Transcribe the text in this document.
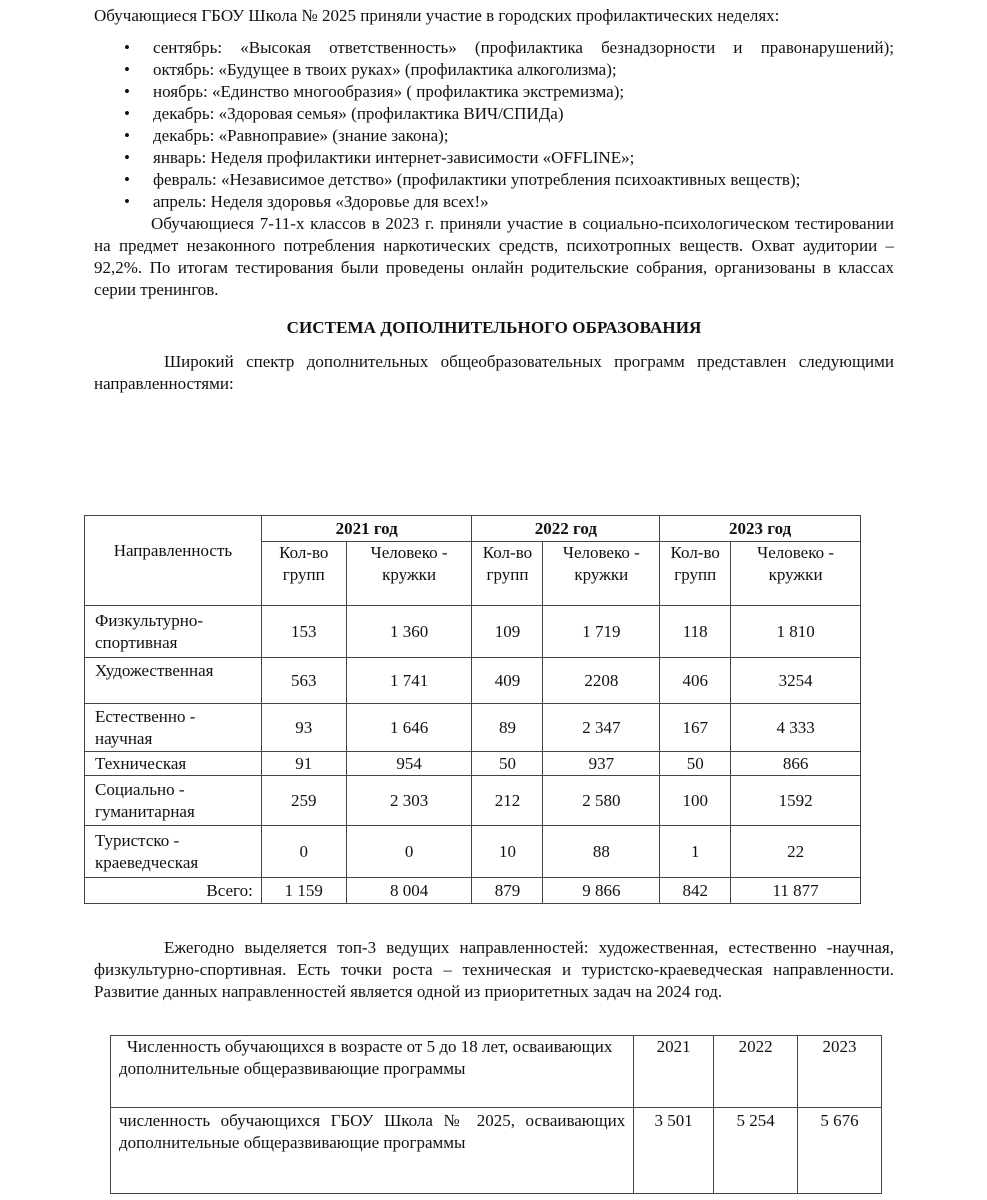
Обучающиеся ГБОУ Школа № 2025 приняли участие в городских профилактических неделях:

• сентябрь: «Высокая ответственность» (профилактика безнадзорности и правонарушений);
• октябрь: «Будущее в твоих руках» (профилактика алкоголизма);
• ноябрь: «Единство многообразия» ( профилактика экстремизма);
• декабрь: «Здоровая семья» (профилактика ВИЧ/СПИДа)
• декабрь: «Равноправие» (знание закона);
• январь: Неделя профилактики интернет-зависимости «OFFLINE»;
• февраль: «Независимое детство» (профилактики употребления психоактивных веществ);
• апрель: Неделя здоровья «Здоровье для всех!»

Обучающиеся 7-11-х классов в 2023 г. приняли участие в социально-психологическом тестировании на предмет незаконного потребления наркотических средств, психотропных веществ. Охват аудитории – 92,2%. По итогам тестирования были проведены онлайн родительские собрания, организованы в классах серии тренингов.

СИСТЕМА ДОПОЛНИТЕЛЬНОГО ОБРАЗОВАНИЯ

Широкий спектр дополнительных общеобразовательных программ представлен следующими направленностями:

Направленность	2021 год		2022 год		2023 год	
	Кол-во групп	Человеко - кружки	Кол-во групп	Человеко - кружки	Кол-во групп	Человеко - кружки
Физкультурно-спортивная	153	1 360	109	1 719	118	1 810
Художественная	563	1 741	409	2208	406	3254
Естественно - научная	93	1 646	89	2 347	167	4 333
Техническая	91	954	50	937	50	866
Социально - гуманитарная	259	2 303	212	2 580	100	1592
Туристско - краеведческая	0	0	10	88	1	22
Всего:	1 159	8 004	879	9 866	842	11 877

Ежегодно выделяется топ-3 ведущих направленностей: художественная, естественно -научная, физкультурно-спортивная. Есть точки роста – техническая и туристско-краеведческая направленности. Развитие данных направленностей является одной из приоритетных задач на 2024 год.

Численность обучающихся в возрасте от 5 до 18 лет, осваивающих дополнительные общеразвивающие программы	2021	2022	2023
численность обучающихся ГБОУ Школа № 2025, осваивающих дополнительные общеразвивающие программы	3 501	5 254	5 676
